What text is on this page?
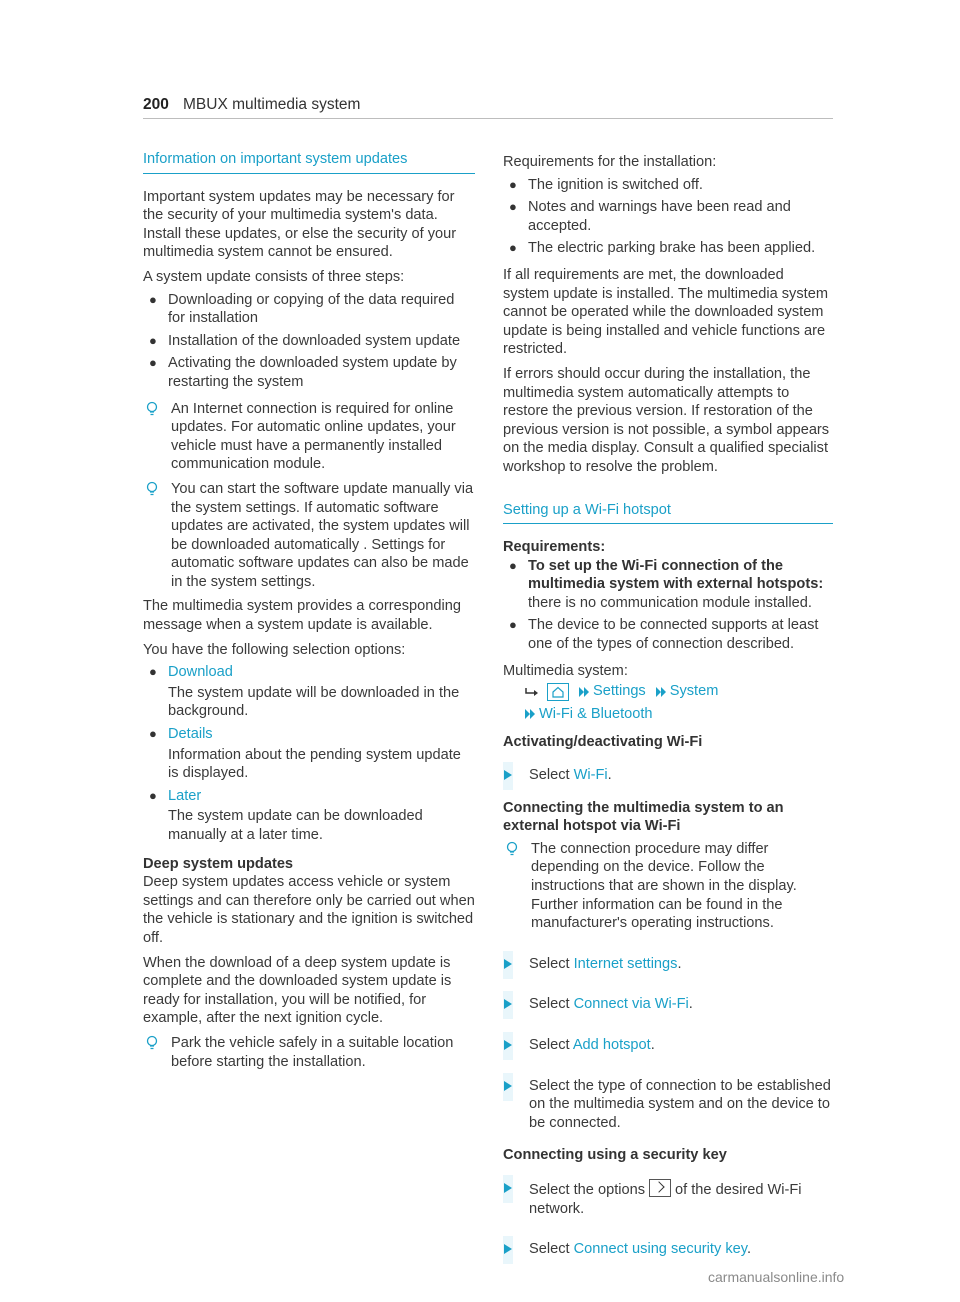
200 MBUX multimedia system
Information on important system updates

Important system updates may be necessary for the security of your multimedia system's data. Install these updates, or else the security of your multimedia system cannot be ensured.

A system update consists of three steps:

● Downloading or copying of the data required for installation
● Installation of the downloaded system update
● Activating the downloaded system update by restarting the system
An Internet connection is required for online updates. For automatic online updates, your vehicle must have a permanently installed communication module.
You can start the software update manually via the system settings. If automatic software updates are activated, the system updates will be downloaded automatically . Settings for automatic software updates can also be made in the system settings.

The multimedia system provides a corresponding message when a system update is available.

You have the following selection options:

● Download
The system update will be downloaded in the background.
● Details
Information about the pending system update is displayed.
● Later
The system update can be downloaded manually at a later time.
Deep system updates

Deep system updates access vehicle or system settings and can therefore only be carried out when the vehicle is stationary and the ignition is switched off.

When the download of a deep system update is complete and the downloaded system update is ready for installation, you will be notified, for example, after the next ignition cycle.

Park the vehicle safely in a suitable location before starting the installation.

Requirements for the installation:

● The ignition is switched off.
● Notes and warnings have been read and accepted.
● The electric parking brake has been applied.

If all requirements are met, the downloaded system update is installed. The multimedia system cannot be operated while the downloaded system update is being installed and vehicle functions are restricted.

If errors should occur during the installation, the multimedia system automatically attempts to restore the previous version. If restoration of the previous version is not possible, a symbol appears on the media display. Consult a qualified specialist workshop to resolve the problem.

Setting up a Wi-Fi hotspot
Requirements:
● To set up the Wi-Fi connection of the multimedia system with external hotspots: there is no communication module installed.
● The device to be connected supports at least one of the types of connection described.

Multimedia system:

Settings System
Wi-Fi & Bluetooth
Activating/deactivating Wi-Fi
Select Wi-Fi.
Connecting the multimedia system to an external hotspot via Wi-Fi
The connection procedure may differ depending on the device. Follow the instructions that are shown in the display. Further information can be found in the manufacturer's operating instructions.
Select Internet settings.
Select Connect via Wi-Fi.
Select Add hotspot.
Select the type of connection to be established on the multimedia system and on the device to be connected.
Connecting using a security key
Select the options of the desired Wi-Fi network.
Select Connect using security key.
carmanualsonline.info
